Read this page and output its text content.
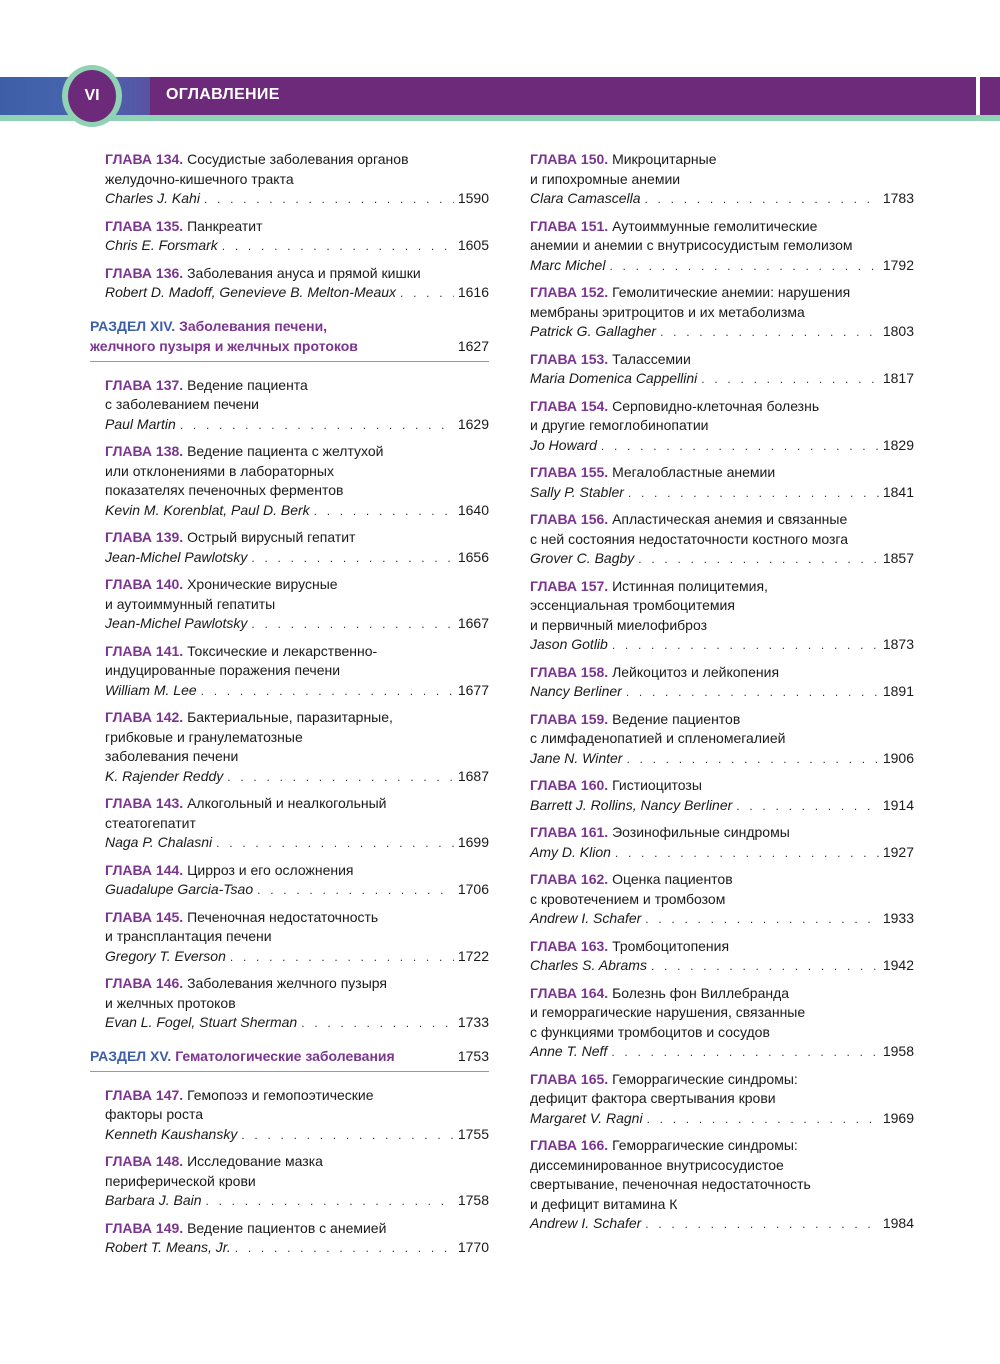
ОГЛАВЛЕНИЕ
VI
ГЛАВА 134. Сосудистые заболевания органов
желудочно-кишечного тракта
Charles J. Kahi . . .	1590
ГЛАВА 135. Панкреатит
Chris E. Forsmark . . .	1605
ГЛАВА 136. Заболевания ануса и прямой кишки
Robert D. Madoff, Genevieve B. Melton-Meaux . . .	1616
РАЗДЕЛ XIV. Заболевания печени,
желчного пузыря и желчных протоков	1627
ГЛАВА 137. Ведение пациента
с заболеванием печени
Paul Martin . . .	1629
ГЛАВА 138. Ведение пациента с желтухой
или отклонениями в лабораторных
показателях печеночных ферментов
Kevin M. Korenblat, Paul D. Berk . . .	1640
ГЛАВА 139. Острый вирусный гепатит
Jean-Michel Pawlotsky . . .	1656
ГЛАВА 140. Хронические вирусные
и аутоиммунный гепатиты
Jean-Michel Pawlotsky . . .	1667
ГЛАВА 141. Токсические и лекарственно-
индуцированные поражения печени
William M. Lee . . .	1677
ГЛАВА 142. Бактериальные, паразитарные,
грибковые и гранулематозные
заболевания печени
K. Rajender Reddy . . .	1687
ГЛАВА 143. Алкогольный и неалкогольный
стеатогепатит
Naga P. Chalasni . . .	1699
ГЛАВА 144. Цирроз и его осложнения
Guadalupe Garcia-Tsao . . .	1706
ГЛАВА 145. Печеночная недостаточность
и трансплантация печени
Gregory T. Everson . . .	1722
ГЛАВА 146. Заболевания желчного пузыря
и желчных протоков
Evan L. Fogel, Stuart Sherman . . .	1733
РАЗДЕЛ XV. Гематологические заболевания	1753
ГЛАВА 147. Гемопоэз и гемопоэтические
факторы роста
Kenneth Kaushansky . . .	1755
ГЛАВА 148. Исследование мазка
периферической крови
Barbara J. Bain . . .	1758
ГЛАВА 149. Ведение пациентов с анемией
Robert T. Means, Jr. . . .	1770
ГЛАВА 150. Микроцитарные
и гипохромные анемии
Clara Camascella . . .	1783
ГЛАВА 151. Аутоиммунные гемолитические
анемии и анемии с внутрисосудистым гемолизом
Marc Michel . . .	1792
ГЛАВА 152. Гемолитические анемии: нарушения
мембраны эритроцитов и их метаболизма
Patrick G. Gallagher . . .	1803
ГЛАВА 153. Талассемии
Maria Domenica Cappellini . . .	1817
ГЛАВА 154. Серповидно-клеточная болезнь
и другие гемоглобинопатии
Jo Howard . . .	1829
ГЛАВА 155. Мегалобластные анемии
Sally P. Stabler . . .	1841
ГЛАВА 156. Апластическая анемия и связанные
с ней состояния недостаточности костного мозга
Grover C. Bagby . . .	1857
ГЛАВА 157. Истинная полицитемия,
эссенциальная тромбоцитемия
и первичный миелофиброз
Jason Gotlib . . .	1873
ГЛАВА 158. Лейкоцитоз и лейкопения
Nancy Berliner . . .	1891
ГЛАВА 159. Ведение пациентов
с лимфаденопатией и спленомегалией
Jane N. Winter . . .	1906
ГЛАВА 160. Гистиоцитозы
Barrett J. Rollins, Nancy Berliner . . .	1914
ГЛАВА 161. Эозинофильные синдромы
Amy D. Klion . . .	1927
ГЛАВА 162. Оценка пациентов
с кровотечением и тромбозом
Andrew I. Schafer . . .	1933
ГЛАВА 163. Тромбоцитопения
Charles S. Abrams . . .	1942
ГЛАВА 164. Болезнь фон Виллебранда
и геморрагические нарушения, связанные
с функциями тромбоцитов и сосудов
Anne T. Neff . . .	1958
ГЛАВА 165. Геморрагические синдромы:
дефицит фактора свертывания крови
Margaret V. Ragni . . .	1969
ГЛАВА 166. Геморрагические синдромы:
диссеминированное внутрисосудистое
свертывание, печеночная недостаточность
и дефицит витамина К
Andrew I. Schafer . . .	1984
